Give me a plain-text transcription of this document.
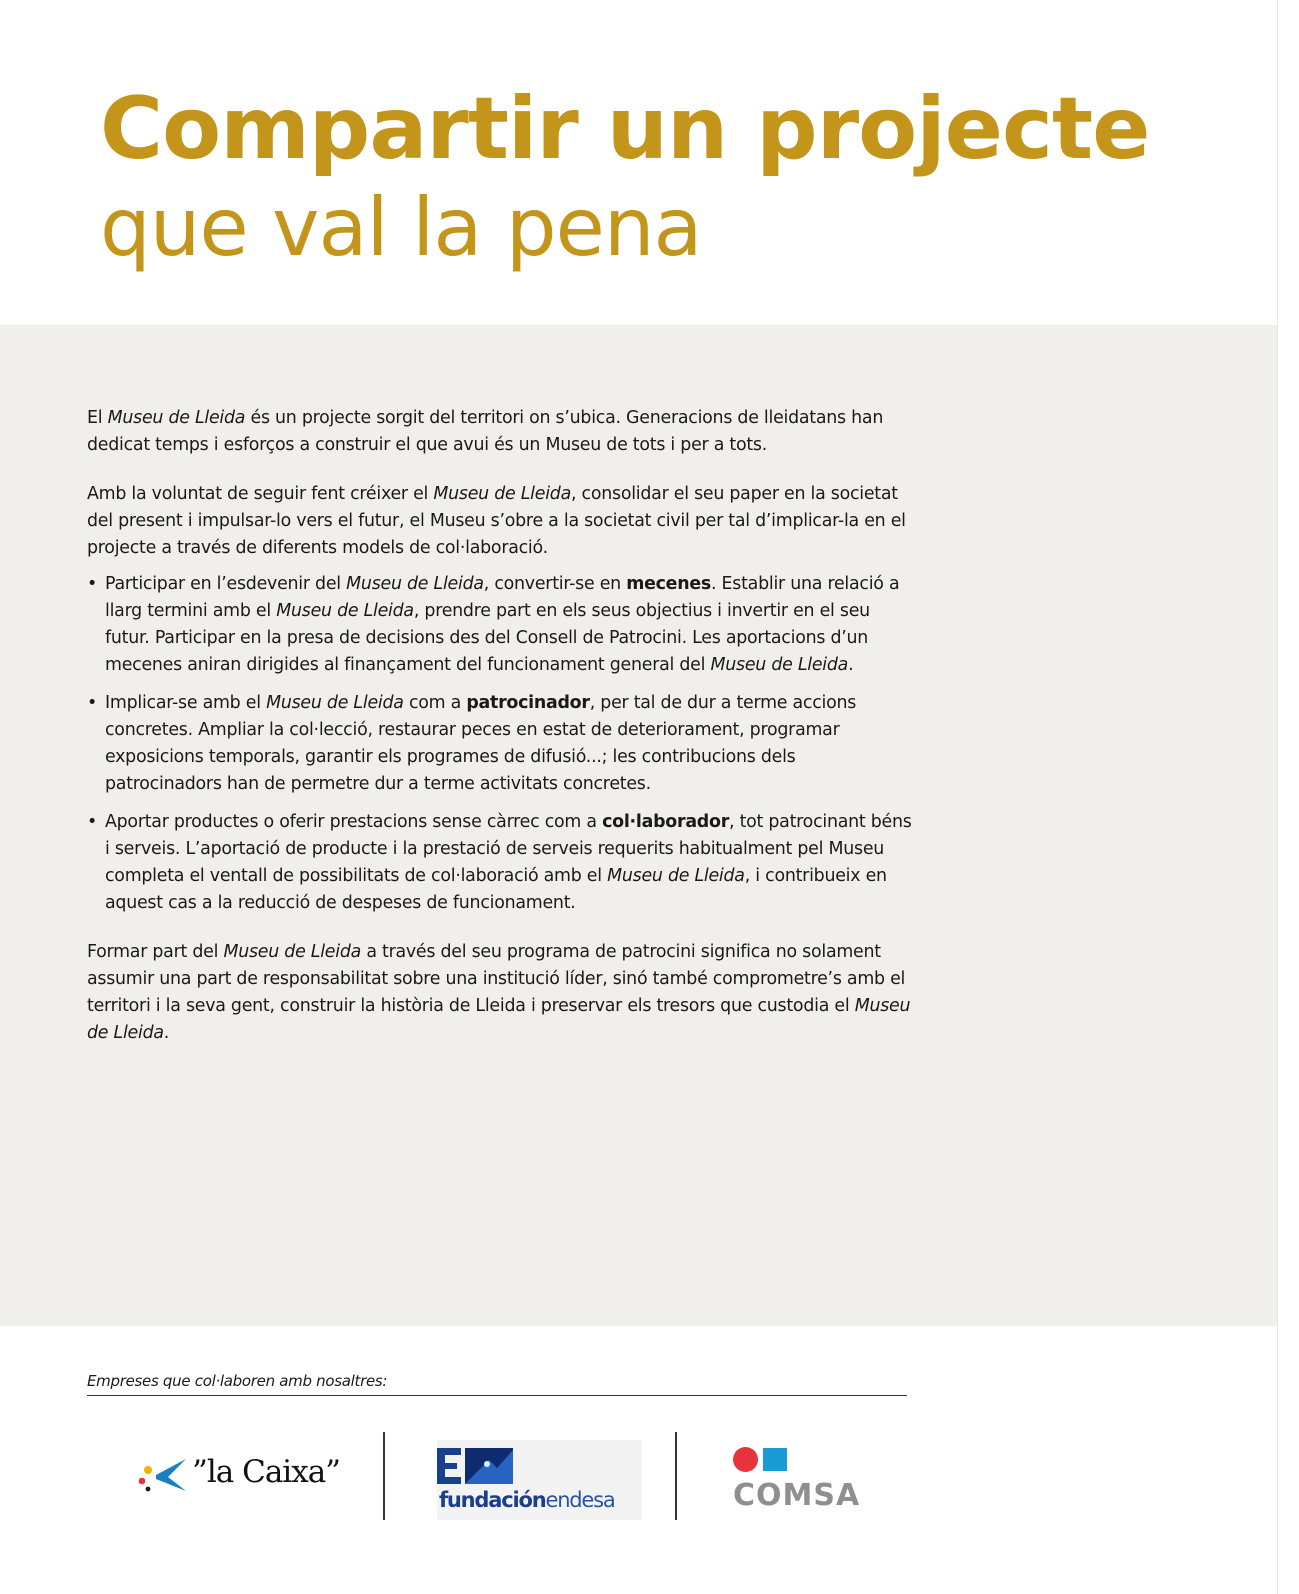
Compartir un projecte
que val la pena

El Museu de Lleida és un projecte sorgit del territori on s’ubica. Generacions de lleidatans han dedicat temps i esforços a construir el que avui és un Museu de tots i per a tots.

Amb la voluntat de seguir fent créixer el Museu de Lleida, consolidar el seu paper en la societat del present i impulsar-lo vers el futur, el Museu s’obre a la societat civil per tal d’implicar-la en el projecte a través de diferents models de col·laboració.

• Participar en l’esdevenir del Museu de Lleida, convertir-se en mecenes. Establir una relació a llarg termini amb el Museu de Lleida, prendre part en els seus objectius i invertir en el seu futur. Participar en la presa de decisions des del Consell de Patrocini. Les aportacions d’un mecenes aniran dirigides al finançament del funcionament general del Museu de Lleida.
• Implicar-se amb el Museu de Lleida com a patrocinador, per tal de dur a terme accions concretes. Ampliar la col·lecció, restaurar peces en estat de deteriorament, programar exposicions temporals, garantir els programes de difusió...; les contribucions dels patrocinadors han de permetre dur a terme activitats concretes.
• Aportar productes o oferir prestacions sense càrrec com a col·laborador, tot patrocinant béns i serveis. L’aportació de producte i la prestació de serveis requerits habitualment pel Museu completa el ventall de possibilitats de col·laboració amb el Museu de Lleida, i contribueix en aquest cas a la reducció de despeses de funcionament.

Formar part del Museu de Lleida a través del seu programa de patrocini significa no solament assumir una part de responsabilitat sobre una institució líder, sinó també comprometre’s amb el territori i la seva gent, construir la història de Lleida i preservar els tresors que custodia el Museu de Lleida.

Empreses que col·laboren amb nosaltres:
”la Caixa”
fundaciónendesa	COMSA
